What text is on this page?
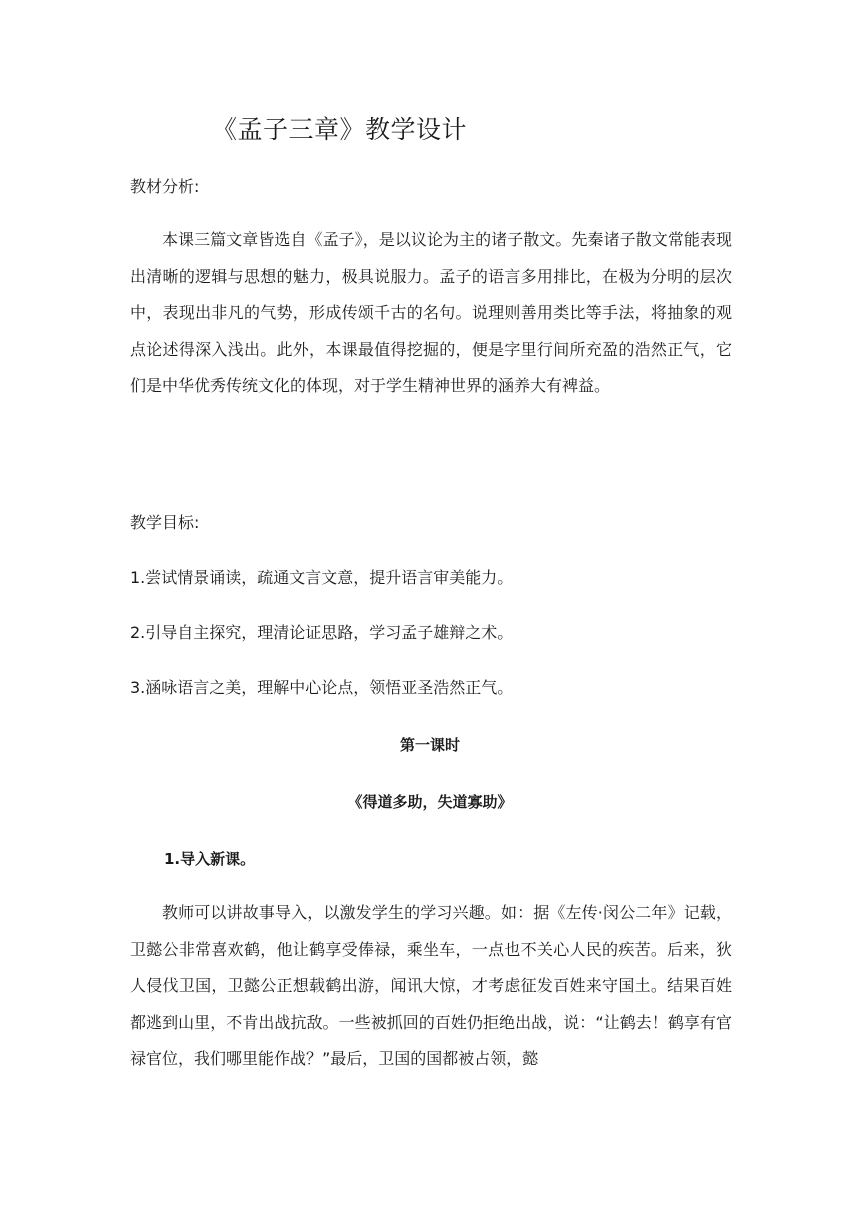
《孟子三章》教学设计

教材分析:

本课三篇文章皆选自《孟子》，是以议论为主的诸子散文。先秦诸子散文常能表现出清晰的逻辑与思想的魅力，极具说服力。孟子的语言多用排比，在极为分明的层次中，表现出非凡的气势，形成传颂千古的名句。说理则善用类比等手法，将抽象的观点论述得深入浅出。此外，本课最值得挖掘的，便是字里行间所充盈的浩然正气，它们是中华优秀传统文化的体现，对于学生精神世界的涵养大有裨益。

教学目标:

1.尝试情景诵读，疏通文言文意，提升语言审美能力。

2.引导自主探究，理清论证思路，学习孟子雄辩之术。

3.涵咏语言之美，理解中心论点，领悟亚圣浩然正气。

第一课时

《得道多助，失道寡助》

1.导入新课。

教师可以讲故事导入，以激发学生的学习兴趣。如：据《左传·闵公二年》记载，卫懿公非常喜欢鹤，他让鹤享受俸禄，乘坐车，一点也不关心人民的疾苦。后来，狄人侵伐卫国，卫懿公正想载鹤出游，闻讯大惊，才考虑征发百姓来守国土。结果百姓都逃到山里，不肯出战抗敌。一些被抓回的百姓仍拒绝出战，说：“让鹤去！鹤享有官禄官位，我们哪里能作战？”最后，卫国的国都被占领，懿
